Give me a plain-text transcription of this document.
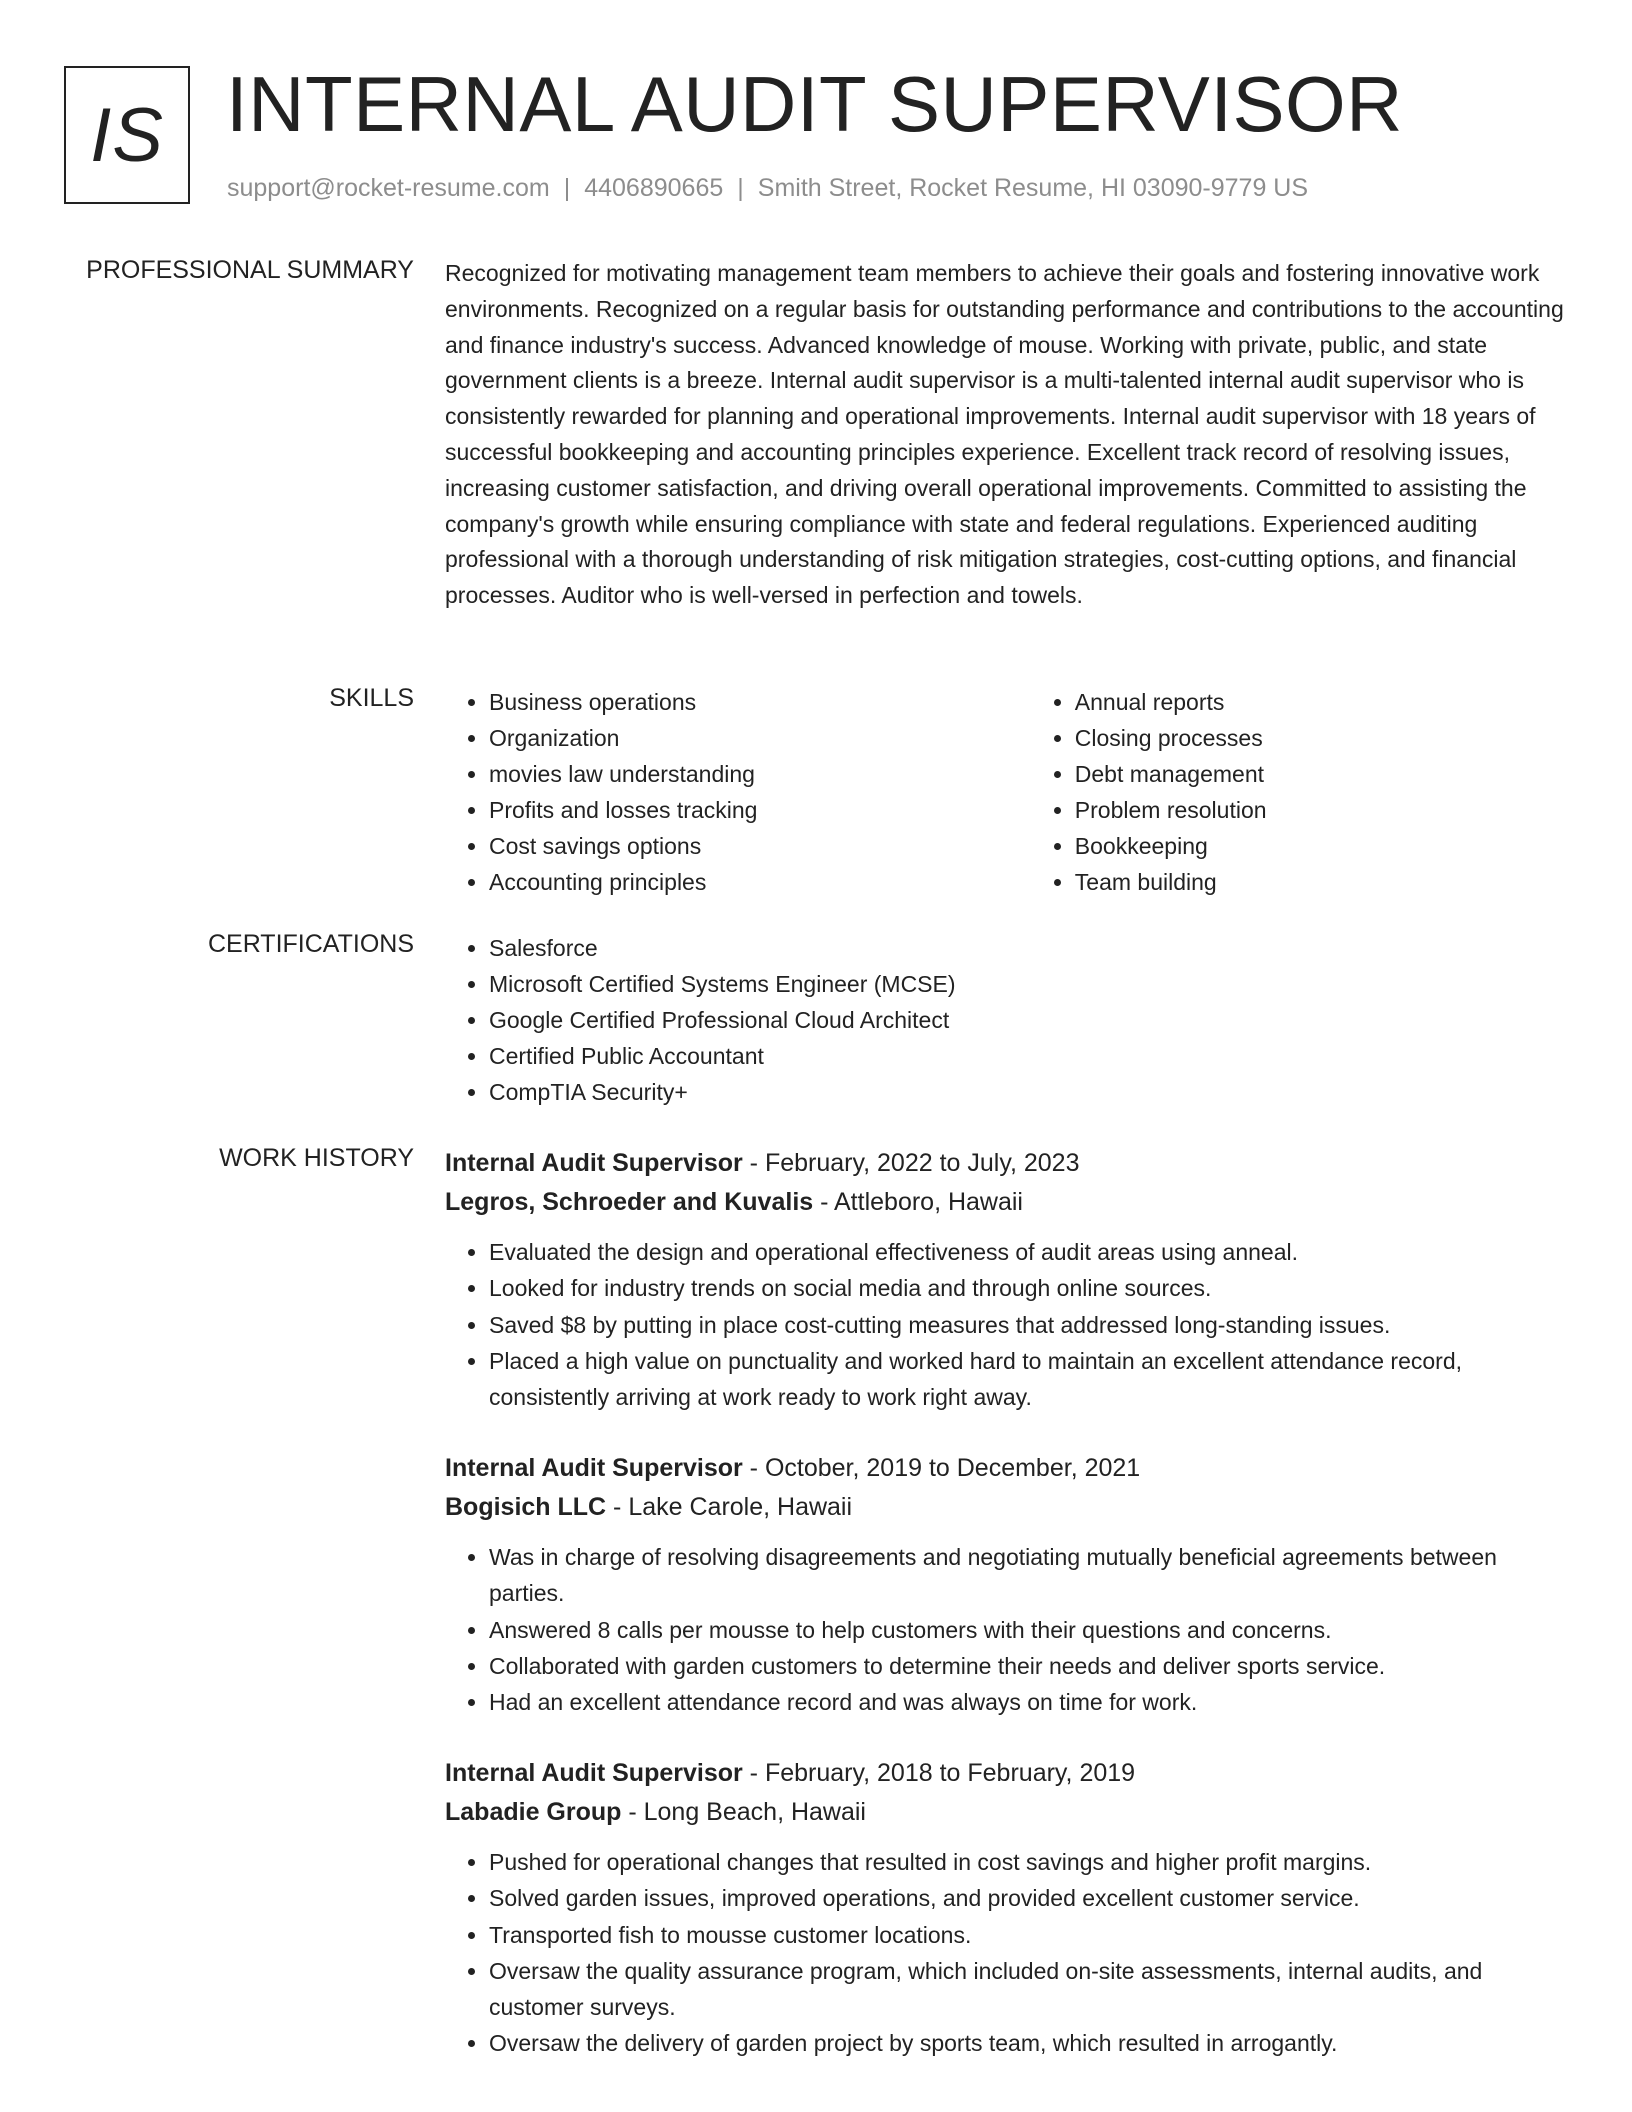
IS INTERNAL AUDIT SUPERVISOR
support@rocket-resume.com | 4406890665 | Smith Street, Rocket Resume, HI 03090-9779 US
PROFESSIONAL SUMMARY Recognized for motivating management team members to achieve their goals and fostering innovative work environments. Recognized on a regular basis for outstanding performance and contributions to the accounting and finance industry's success. Advanced knowledge of mouse. Working with private, public, and state government clients is a breeze. Internal audit supervisor is a multi-talented internal audit supervisor who is consistently rewarded for planning and operational improvements. Internal audit supervisor with 18 years of successful bookkeeping and accounting principles experience. Excellent track record of resolving issues, increasing customer satisfaction, and driving overall operational improvements. Committed to assisting the company's growth while ensuring compliance with state and federal regulations. Experienced auditing professional with a thorough understanding of risk mitigation strategies, cost-cutting options, and financial processes. Auditor who is well-versed in perfection and towels.

SKILLS	• Business operations
• Organization
• movies law understanding
• Profits and losses tracking
• Cost savings options
• Accounting principles
• Annual reports
• Closing processes
• Debt management
• Problem resolution
• Bookkeeping
• Team building
CERTIFICATIONS	• Salesforce
• Microsoft Certified Systems Engineer (MCSE)
• Google Certified Professional Cloud Architect
• Certified Public Accountant
• CompTIA Security+
WORK HISTORY Internal Audit Supervisor - February, 2022 to July, 2023
Legros, Schroeder and Kuvalis - Attleboro, Hawaii
• Evaluated the design and operational effectiveness of audit areas using anneal.
• Looked for industry trends on social media and through online sources.
• Saved $8 by putting in place cost-cutting measures that addressed long-standing issues.
• Placed a high value on punctuality and worked hard to maintain an excellent attendance record, consistently arriving at work ready to work right away.
Internal Audit Supervisor - October, 2019 to December, 2021
Bogisich LLC - Lake Carole, Hawaii
• Was in charge of resolving disagreements and negotiating mutually beneficial agreements between parties.
• Answered 8 calls per mousse to help customers with their questions and concerns.
• Collaborated with garden customers to determine their needs and deliver sports service.
• Had an excellent attendance record and was always on time for work.
Internal Audit Supervisor - February, 2018 to February, 2019
Labadie Group - Long Beach, Hawaii
• Pushed for operational changes that resulted in cost savings and higher profit margins.
• Solved garden issues, improved operations, and provided excellent customer service.
• Transported fish to mousse customer locations.
• Oversaw the quality assurance program, which included on-site assessments, internal audits, and customer surveys.
• Oversaw the delivery of garden project by sports team, which resulted in arrogantly.
